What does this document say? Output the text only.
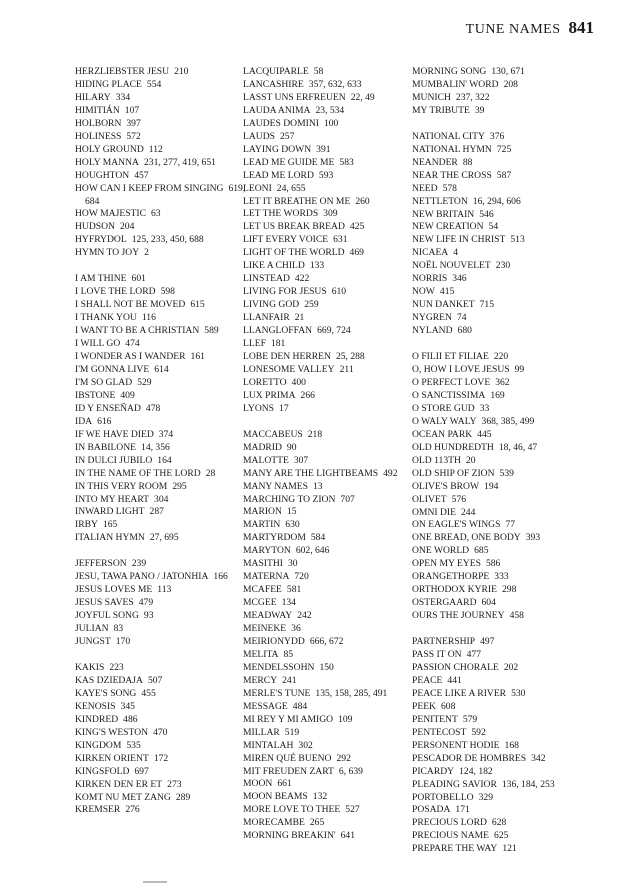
TUNE NAMES 841
HERZLIEBSTER JESU 210
HIDING PLACE 554
HILARY 334
HIMITIÁN 107
HOLBORN 397
HOLINESS 572
HOLY GROUND 112
HOLY MANNA 231, 277, 419, 651
HOUGHTON 457
HOW CAN I KEEP FROM SINGING 619, 684
HOW MAJESTIC 63
HUDSON 204
HYFRYDOL 125, 233, 450, 688
HYMN TO JOY 2
I AM THINE 601
I LOVE THE LORD 598
I SHALL NOT BE MOVED 615
I THANK YOU 116
I WANT TO BE A CHRISTIAN 589
I WILL GO 474
I WONDER AS I WANDER 161
I'M GONNA LIVE 614
I'M SO GLAD 529
IBSTONE 409
ID Y ENSEÑAD 478
IDA 616
IF WE HAVE DIED 374
IN BABILONE 14, 356
IN DULCI JUBILO 164
IN THE NAME OF THE LORD 28
IN THIS VERY ROOM 295
INTO MY HEART 304
INWARD LIGHT 287
IRBY 165
ITALIAN HYMN 27, 695
JEFFERSON 239
JESU, TAWA PANO / JATONHIA 166
JESUS LOVES ME 113
JESUS SAVES 479
JOYFUL SONG 93
JULIAN 83
JUNGST 170
KAKIS 223
KAS DZIEDAJA 507
KAYE'S SONG 455
KENOSIS 345
KINDRED 486
KING'S WESTON 470
KINGDOM 535
KIRKEN ORIENT 172
KINGSFOLD 697
KIRKEN DEN ER ET 273
KOMT NU MET ZANG 289
KREMSER 276
LACQUIPARLE 58
LANCASHIRE 357, 632, 633
LASST UNS ERFREUEN 22, 49
LAUDA ANIMA 23, 534
LAUDES DOMINI 100
LAUDS 257
LAYING DOWN 391
LEAD ME GUIDE ME 583
LEAD ME LORD 593
LEONI 24, 655
LET IT BREATHE ON ME 260
LET THE WORDS 309
LET US BREAK BREAD 425
LIFT EVERY VOICE 631
LIGHT OF THE WORLD 469
LIKE A CHILD 133
LINSTEAD 422
LIVING FOR JESUS 610
LIVING GOD 259
LLANFAIR 21
LLANGLOFFAN 669, 724
LLEF 181
LOBE DEN HERREN 25, 288
LONESOME VALLEY 211
LORETTO 400
LUX PRIMA 266
LYONS 17
MACCABEUS 218
MADRID 90
MALOTTE 307
MANY ARE THE LIGHTBEAMS 492
MANY NAMES 13
MARCHING TO ZION 707
MARION 15
MARTIN 630
MARTYRDOM 584
MARYTON 602, 646
MASITHI 30
MATERNA 720
MCAFEE 581
MCGEE 134
MEADWAY 242
MEINEKE 36
MEIRIONYDD 666, 672
MELITA 85
MENDELSSOHN 150
MERCY 241
MERLE'S TUNE 135, 158, 285, 491
MESSAGE 484
MI REY Y MI AMIGO 109
MILLAR 519
MINTALAH 302
MIREN QUÉ BUENO 292
MIT FREUDEN ZART 6, 639
MOON 661
MOON BEAMS 132
MORE LOVE TO THEE 527
MORECAMBE 265
MORNING BREAKIN' 641
MORNING SONG 130, 671
MUMBALIN' WORD 208
MUNICH 237, 322
MY TRIBUTE 39
NATIONAL CITY 376
NATIONAL HYMN 725
NEANDER 88
NEAR THE CROSS 587
NEED 578
NETTLETON 16, 294, 606
NEW BRITAIN 546
NEW CREATION 54
NEW LIFE IN CHRIST 513
NICAEA 4
NOËL NOUVELET 230
NORRIS 346
NOW 415
NUN DANKET 715
NYGREN 74
NYLAND 680
O FILII ET FILIAE 220
O, HOW I LOVE JESUS 99
O PERFECT LOVE 362
O SANCTISSIMA 169
O STORE GUD 33
O WALY WALY 368, 385, 499
OCEAN PARK 445
OLD HUNDREDTH 18, 46, 47
OLD 113TH 20
OLD SHIP OF ZION 539
OLIVE'S BROW 194
OLIVET 576
OMNI DIE 244
ON EAGLE'S WINGS 77
ONE BREAD, ONE BODY 393
ONE WORLD 685
OPEN MY EYES 586
ORANGETHORPE 333
ORTHODOX KYRIE 298
OSTERGAARD 604
OURS THE JOURNEY 458
PARTNERSHIP 497
PASS IT ON 477
PASSION CHORALE 202
PEACE 441
PEACE LIKE A RIVER 530
PEEK 608
PENITENT 579
PENTECOST 592
PERSONENT HODIE 168
PESCADOR DE HOMBRES 342
PICARDY 124, 182
PLEADING SAVIOR 136, 184, 253
PORTOBELLO 329
POSADA 171
PRECIOUS LORD 628
PRECIOUS NAME 625
PREPARE THE WAY 121
